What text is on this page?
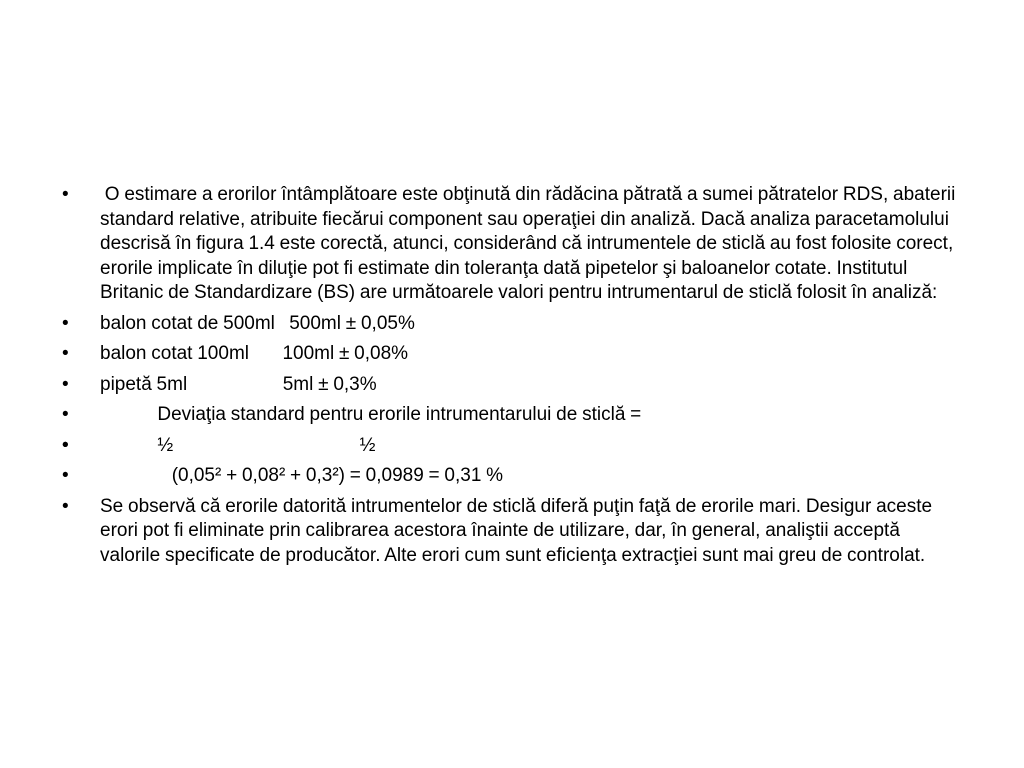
•  O estimare a erorilor întâmplătoare este obţinută din rădăcina pătrată a sumei pătratelor RDS, abaterii standard relative, atribuite fiecărui component sau operaţiei din analiză. Dacă analiza paracetamolului descrisă în figura 1.4 este corectă, atunci, considerând că intrumentele de sticlă au fost folosite corect, erorile implicate în diluţie pot fi estimate din toleranţa dată pipetelor şi baloanelor cotate. Institutul Britanic de Standardizare (BS) are următoarele valori pentru intrumentarul de sticlă folosit în analiză:
• balon cotat de 500ml   500ml ± 0,05%
• balon cotat 100ml       100ml ± 0,08%
• pipetă 5ml                    5ml ± 0,3%
•             Deviaţia standard pentru erorile intrumentarului de sticlă =
•             ½                                       ½
•                (0,05² + 0,08² + 0,3²) = 0,0989 = 0,31 %
• Se observă că erorile datorită intrumentelor de sticlă diferă puţin faţă de erorile mari. Desigur aceste erori pot fi eliminate prin calibrarea acestora înainte de utilizare, dar, în general, analiştii acceptă valorile specificate de producător. Alte erori cum sunt eficienţa extracţiei sunt mai greu de controlat.
